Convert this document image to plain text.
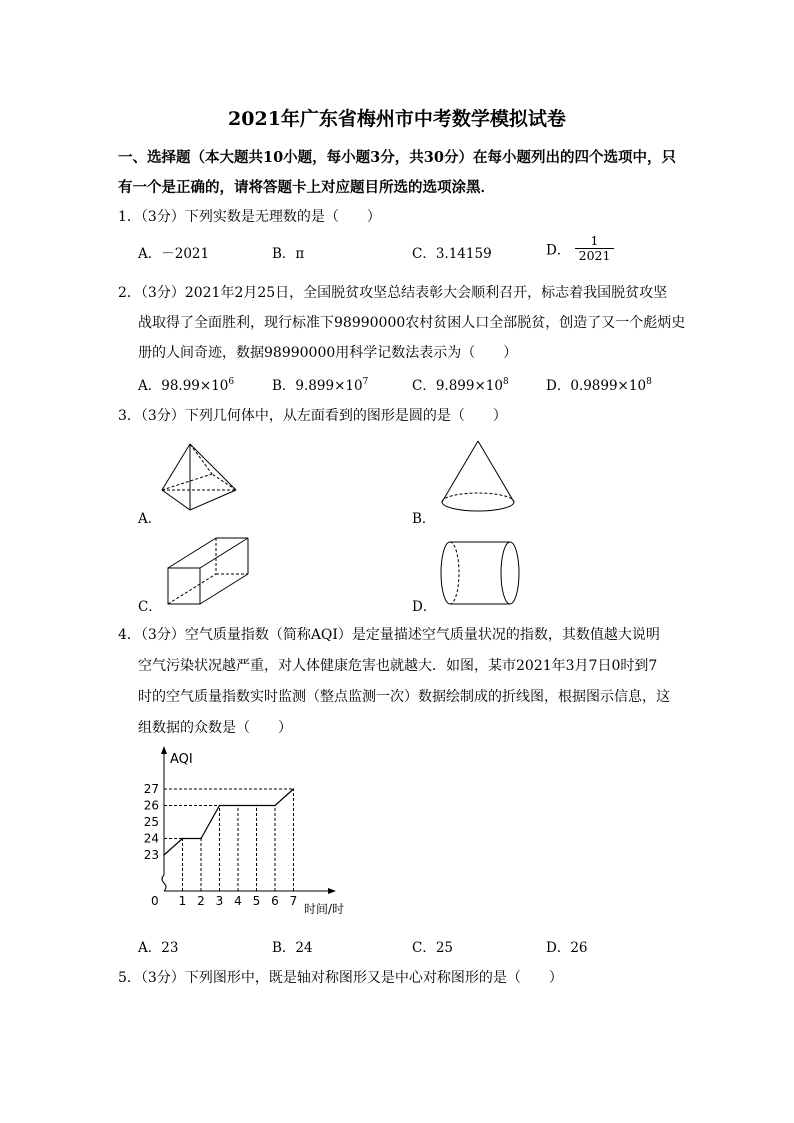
2021年广东省梅州市中考数学模拟试卷
一、选择题（本大题共10小题，每小题3分，共30分）在每小题列出的四个选项中，只
有一个是正确的，请将答题卡上对应题目所选的选项涂黑．
1．（3分）下列实数是无理数的是（　　）
A．－2021	B．π	C．3.14159	D． $\frac{1}{2021}$
2．（3分）2021年2月25日，全国脱贫攻坚总结表彰大会顺利召开，标志着我国脱贫攻坚
战取得了全面胜利，现行标准下98990000农村贫困人口全部脱贫，创造了又一个彪炳史
册的人间奇迹，数据98990000用科学记数法表示为（　　）
A．$98.99\times 10^6$	B．$9.899\times 10^7$	C．$9.899\times 10^8$	D．$0.9899\times 10^8$
3．（3分）下列几何体中，从左面看到的图形是圆的是（　　）
A．	B．
C．	D．
4．（3分）空气质量指数（简称AQI）是定量描述空气质量状况的指数，其数值越大说明
空气污染状况越严重，对人体健康危害也就越大．如图，某市2021年3月7日0时到7
时的空气质量指数实时监测（整点监测一次）数据绘制成的折线图，根据图示信息，这
组数据的众数是（　　）
AQI
时间/时
0
23
24
25
26
27
1 2 3 4 5 6 7
A．23	B．24	C．25	D．26
5．（3分）下列图形中，既是轴对称图形又是中心对称图形的是（　　）
